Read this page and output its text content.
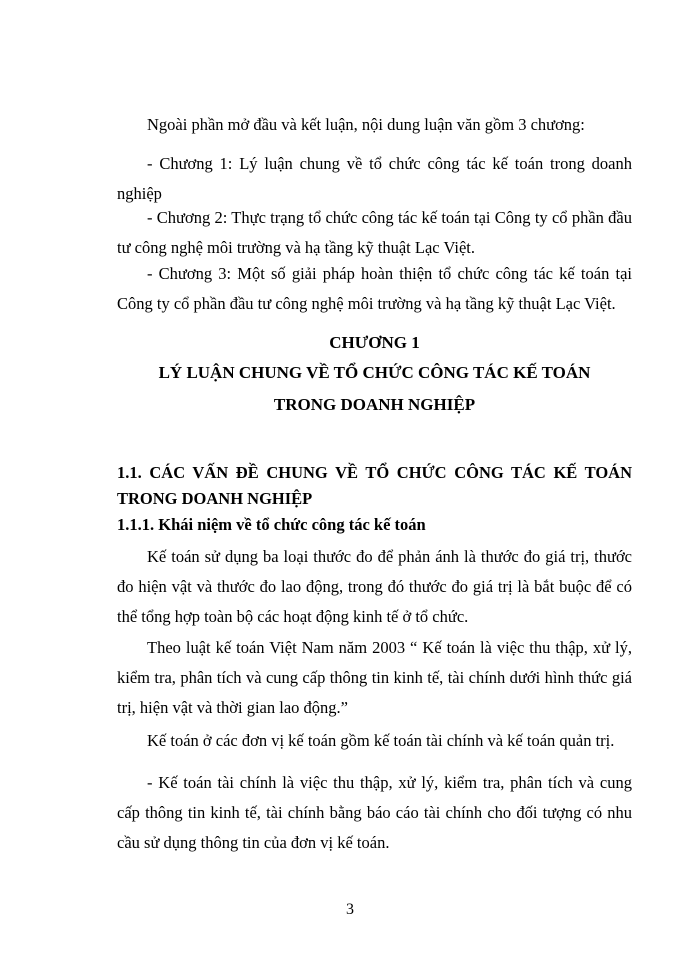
Ngoài phần mở đầu và kết luận, nội dung luận văn gồm 3 chương:

- Chương 1: Lý luận chung về tổ chức công tác kế toán trong doanh nghiệp

- Chương 2: Thực trạng tổ chức công tác kế toán tại Công ty cổ phần đầu tư công nghệ môi trường và hạ tầng kỹ thuật Lạc Việt.

- Chương 3: Một số giải pháp hoàn thiện tổ chức công tác kế toán tại Công ty cổ phần đầu tư công nghệ môi trường và hạ tầng kỹ thuật Lạc Việt.

CHƯƠNG 1

LÝ LUẬN CHUNG VỀ TỔ CHỨC CÔNG TÁC KẾ TOÁN

TRONG DOANH NGHIỆP

1.1. CÁC VẤN ĐỀ CHUNG VỀ TỔ CHỨC CÔNG TÁC KẾ TOÁN TRONG DOANH NGHIỆP

1.1.1. Khái niệm về tổ chức công tác kế toán

Kế toán sử dụng ba loại thước đo để phản ánh là thước đo giá trị, thước đo hiện vật và thước đo lao động, trong đó thước đo giá trị là bắt buộc để có thể tổng hợp toàn bộ các hoạt động kinh tế ở tổ chức.

Theo luật kế toán Việt Nam năm 2003 “ Kế toán là việc thu thập, xử lý, kiểm tra, phân tích và cung cấp thông tin kinh tế, tài chính dưới hình thức giá trị, hiện vật và thời gian lao động.”

Kế toán ở các đơn vị kế toán gồm kế toán tài chính và kế toán quản trị.

- Kế toán tài chính là việc thu thập, xử lý, kiểm tra, phân tích và cung cấp thông tin kinh tế, tài chính bằng báo cáo tài chính cho đối tượng có nhu cầu sử dụng thông tin của đơn vị kế toán.

3
